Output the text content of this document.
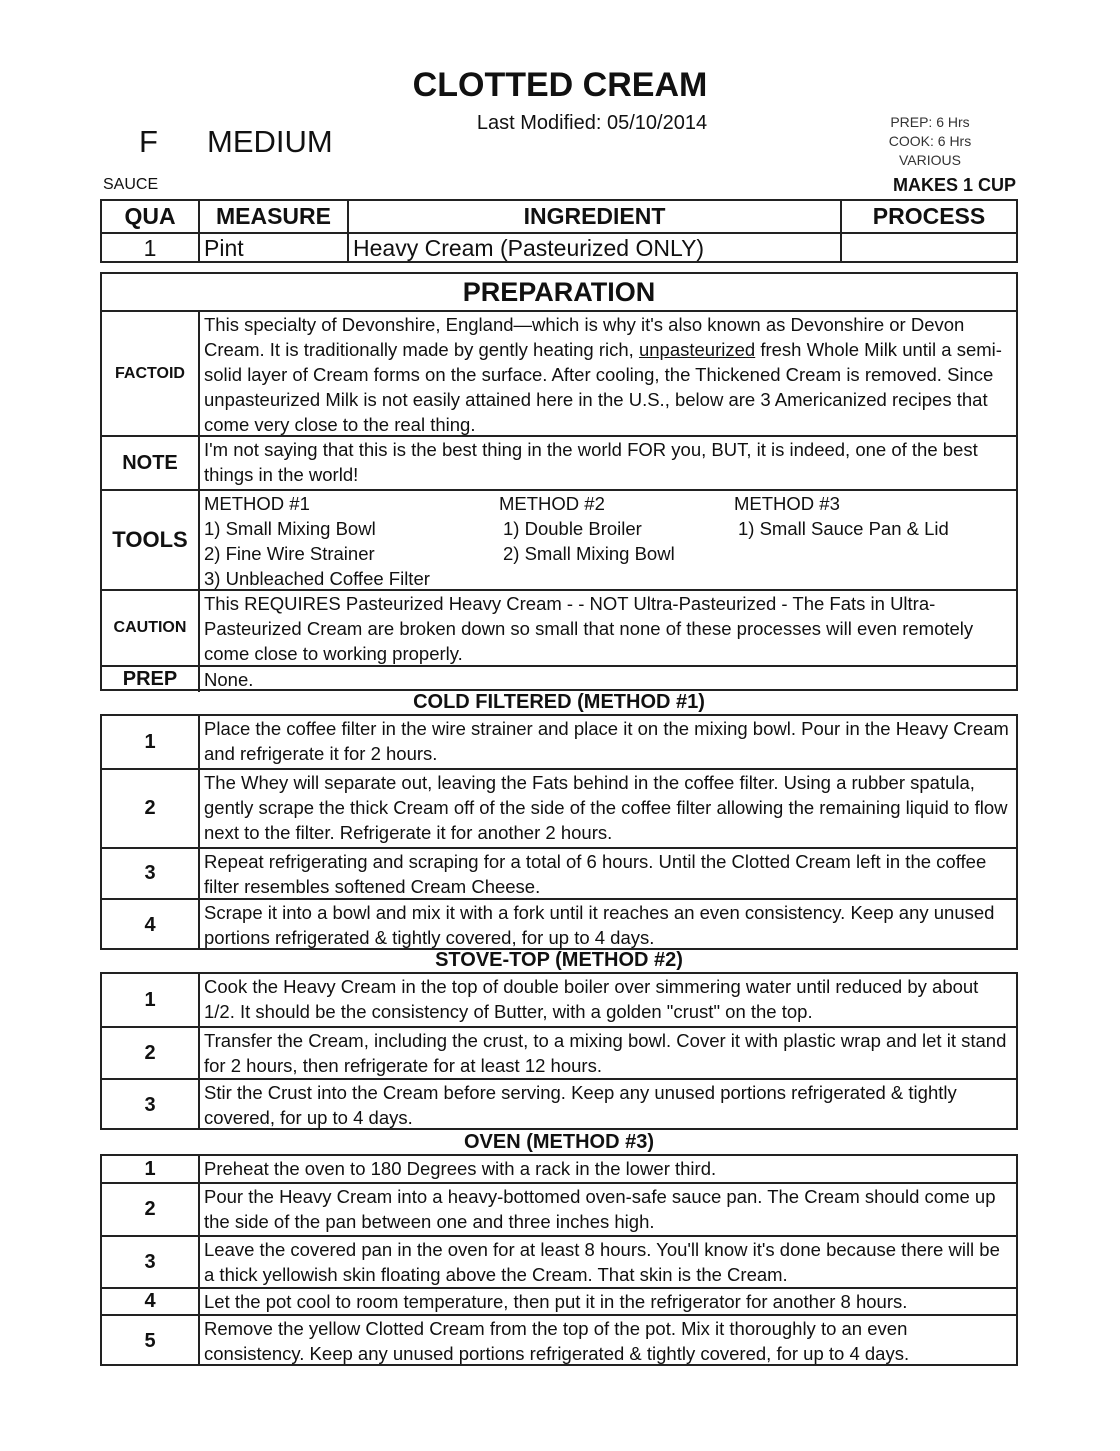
CLOTTED CREAM
Last Modified: 05/10/2014
F MEDIUM
PREP: 6 Hrs
COOK: 6 Hrs
VARIOUS
SAUCE	MAKES 1 CUP
QUA	MEASURE	INGREDIENT	PROCESS
1	Pint	Heavy Cream (Pasteurized ONLY)
PREPARATION
FACTOID
This specialty of Devonshire, England—which is why it's also known as Devonshire or Devon Cream. It is traditionally made by gently heating rich, unpasteurized fresh Whole Milk until a semi-solid layer of Cream forms on the surface. After cooling, the Thickened Cream is removed. Since unpasteurized Milk is not easily attained here in the U.S., below are 3 Americanized recipes that come very close to the real thing.
NOTE
I'm not saying that this is the best thing in the world FOR you, BUT, it is indeed, one of the best things in the world!
TOOLS
METHOD #1
1) Small Mixing Bowl
2) Fine Wire Strainer
3) Unbleached Coffee Filter
METHOD #2
1) Double Broiler
2) Small Mixing Bowl
METHOD #3
1) Small Sauce Pan & Lid
CAUTION
This REQUIRES Pasteurized Heavy Cream - - NOT Ultra-Pasteurized - The Fats in Ultra-Pasteurized Cream are broken down so small that none of these processes will even remotely come close to working properly.
PREP	None.
COLD FILTERED (METHOD #1)
1
Place the coffee filter in the wire strainer and place it on the mixing bowl. Pour in the Heavy Cream and refrigerate it for 2 hours.
2
The Whey will separate out, leaving the Fats behind in the coffee filter. Using a rubber spatula, gently scrape the thick Cream off of the side of the coffee filter allowing the remaining liquid to flow next to the filter. Refrigerate it for another 2 hours.
3
Repeat refrigerating and scraping for a total of 6 hours. Until the Clotted Cream left in the coffee filter resembles softened Cream Cheese.
4
Scrape it into a bowl and mix it with a fork until it reaches an even consistency. Keep any unused portions refrigerated & tightly covered, for up to 4 days.
STOVE-TOP (METHOD #2)
1
Cook the Heavy Cream in the top of double boiler over simmering water until reduced by about 1/2. It should be the consistency of Butter, with a golden "crust" on the top.
2
Transfer the Cream, including the crust, to a mixing bowl. Cover it with plastic wrap and let it stand for 2 hours, then refrigerate for at least 12 hours.
3
Stir the Crust into the Cream before serving. Keep any unused portions refrigerated & tightly covered, for up to 4 days.
OVEN (METHOD #3)
1	Preheat the oven to 180 Degrees with a rack in the lower third.
2
Pour the Heavy Cream into a heavy-bottomed oven-safe sauce pan. The Cream should come up the side of the pan between one and three inches high.
3
Leave the covered pan in the oven for at least 8 hours. You'll know it's done because there will be a thick yellowish skin floating above the Cream. That skin is the Cream.
4	Let the pot cool to room temperature, then put it in the refrigerator for another 8 hours.
5
Remove the yellow Clotted Cream from the top of the pot. Mix it thoroughly to an even consistency. Keep any unused portions refrigerated & tightly covered, for up to 4 days.
